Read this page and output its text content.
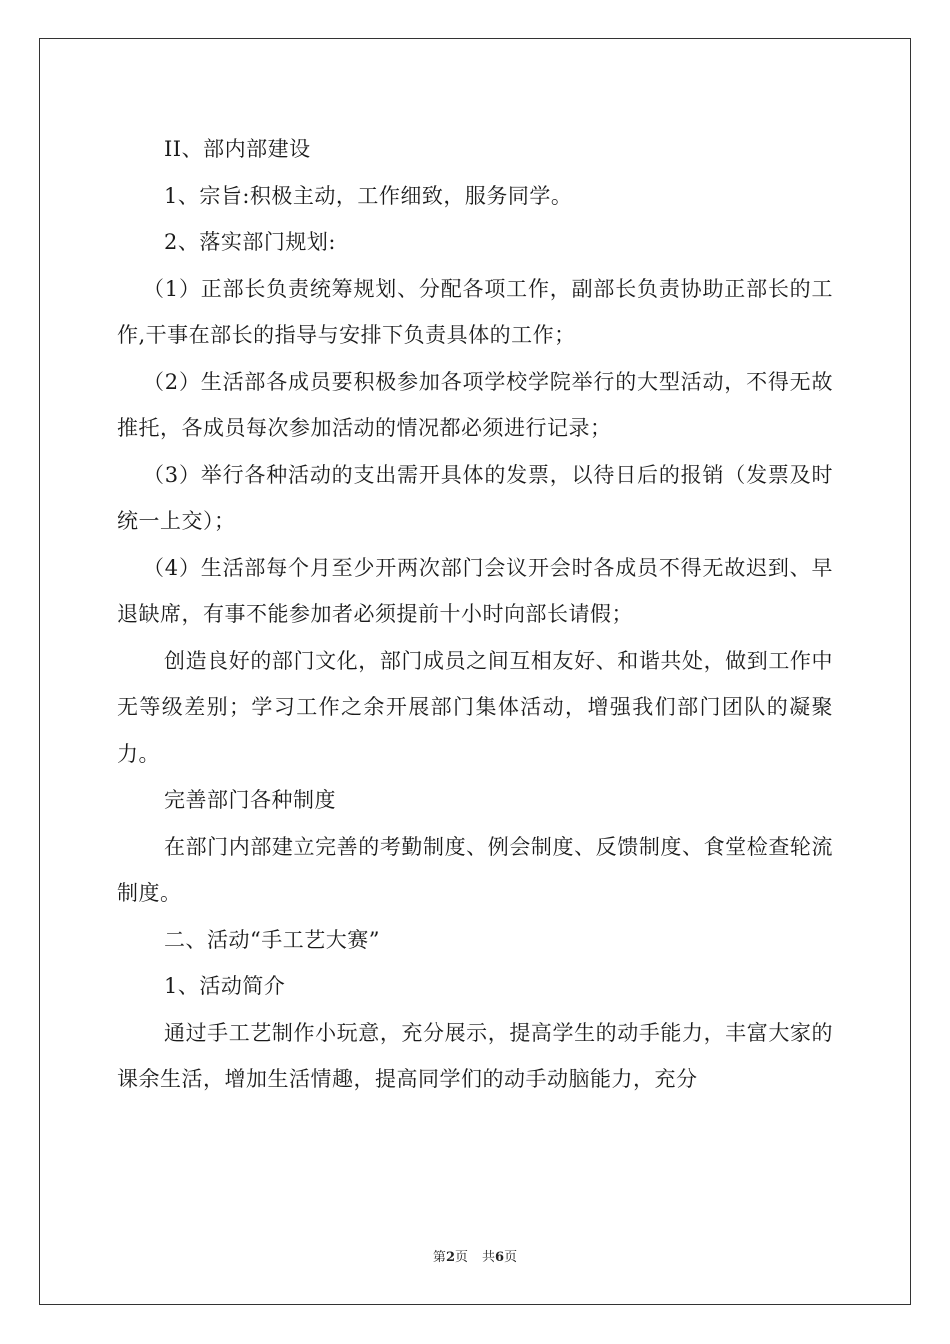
II、部内部建设

1、宗旨:积极主动，工作细致，服务同学。

2、落实部门规划:

（1）正部长负责统筹规划、分配各项工作，副部长负责协助正部长的工作,干事在部长的指导与安排下负责具体的工作；

（2）生活部各成员要积极参加各项学校学院举行的大型活动，不得无故推托，各成员每次参加活动的情况都必须进行记录；

（3）举行各种活动的支出需开具体的发票，以待日后的报销（发票及时统一上交）；

（4）生活部每个月至少开两次部门会议开会时各成员不得无故迟到、早退缺席，有事不能参加者必须提前十小时向部长请假；

创造良好的部门文化，部门成员之间互相友好、和谐共处，做到工作中无等级差别；学习工作之余开展部门集体活动，增强我们部门团队的凝聚力。

完善部门各种制度

在部门内部建立完善的考勤制度、例会制度、反馈制度、食堂检查轮流制度。

二、活动“手工艺大赛”

1、活动简介

通过手工艺制作小玩意，充分展示，提高学生的动手能力，丰富大家的课余生活，增加生活情趣，提高同学们的动手动脑能力，充分

第2页 共6页
